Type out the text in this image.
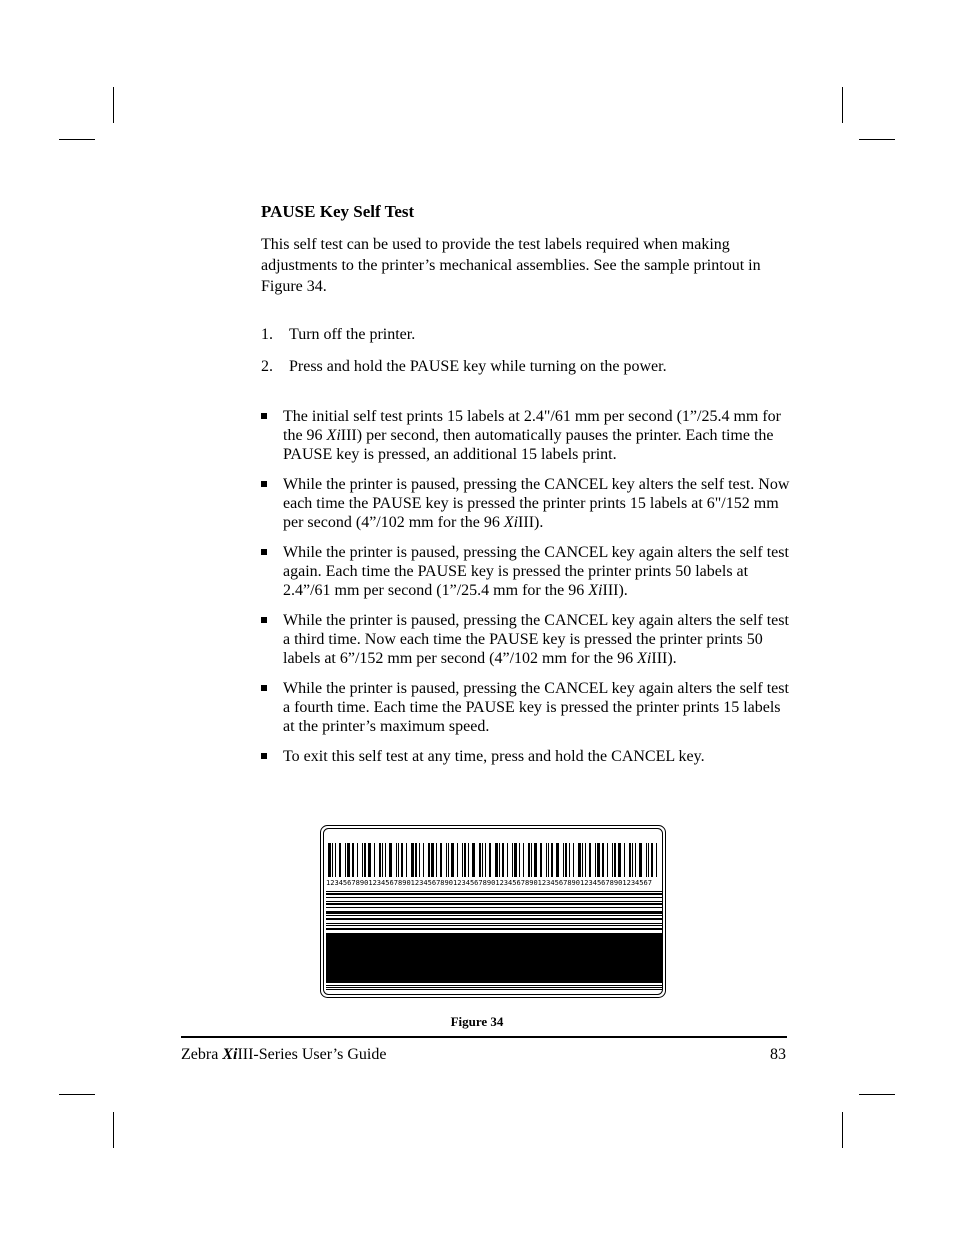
PAUSE Key Self Test
This self test can be used to provide the test labels required when making adjustments to the printer’s mechanical assemblies. See the sample printout in Figure 34.
1. Turn off the printer.
2. Press and hold the PAUSE key while turning on the power.
The initial self test prints 15 labels at 2.4"/61 mm per second (1”/25.4 mm for the 96 XiIII) per second, then automatically pauses the printer. Each time the PAUSE key is pressed, an additional 15 labels print.
While the printer is paused, pressing the CANCEL key alters the self test. Now each time the PAUSE key is pressed the printer prints 15 labels at 6"/152 mm per second (4”/102 mm for the 96 XiIII).
While the printer is paused, pressing the CANCEL key again alters the self test again. Each time the PAUSE key is pressed the printer prints 50 labels at 2.4”/61 mm per second (1”/25.4 mm for the 96 XiIII).
While the printer is paused, pressing the CANCEL key again alters the self test a third time. Now each time the PAUSE key is pressed the printer prints 50 labels at 6”/152 mm per second (4”/102 mm for the 96 XiIII).
While the printer is paused, pressing the CANCEL key again alters the self test a fourth time. Each time the PAUSE key is pressed the printer prints 15 labels at the printer’s maximum speed.
To exit this self test at any time, press and hold the CANCEL key.
12345678901234567890123456789012345678901234567890123456789012345678901234567
Figure 34
Zebra XiIII-Series User’s Guide	83
